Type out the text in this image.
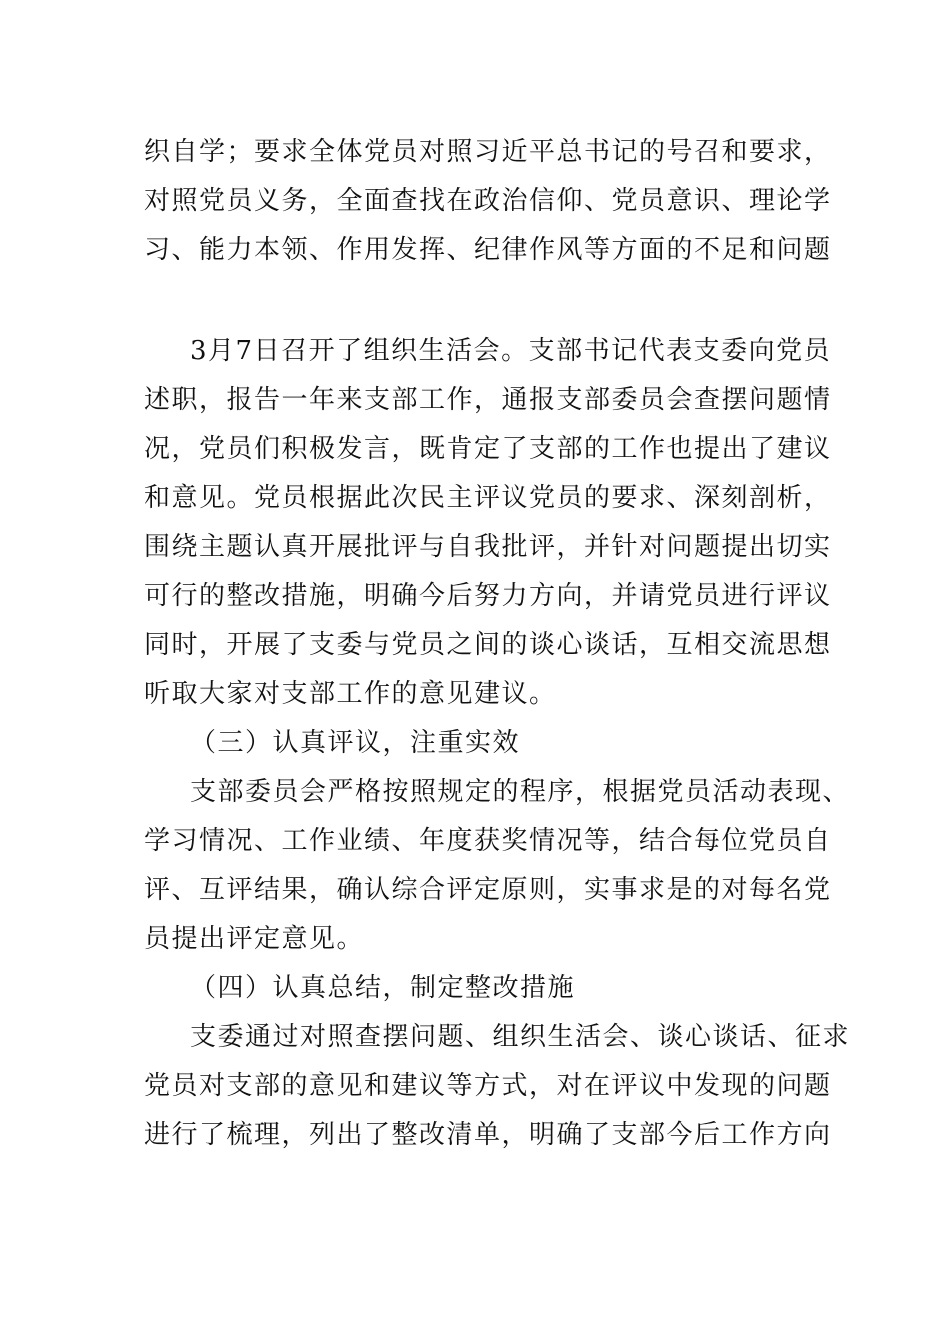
织自学；要求全体党员对照习近平总书记的号召和要求，
对照党员义务，全面查找在政治信仰、党员意识、理论学
习、能力本领、作用发挥、纪律作风等方面的不足和问题
3月7日召开了组织生活会。支部书记代表支委向党员
述职，报告一年来支部工作，通报支部委员会查摆问题情
况，党员们积极发言，既肯定了支部的工作也提出了建议
和意见。党员根据此次民主评议党员的要求、深刻剖析，
围绕主题认真开展批评与自我批评，并针对问题提出切实
可行的整改措施，明确今后努力方向，并请党员进行评议
同时，开展了支委与党员之间的谈心谈话，互相交流思想
听取大家对支部工作的意见建议。
（三）认真评议，注重实效
支部委员会严格按照规定的程序，根据党员活动表现、
学习情况、工作业绩、年度获奖情况等，结合每位党员自
评、互评结果，确认综合评定原则，实事求是的对每名党
员提出评定意见。
（四）认真总结，制定整改措施
支委通过对照查摆问题、组织生活会、谈心谈话、征求
党员对支部的意见和建议等方式，对在评议中发现的问题
进行了梳理，列出了整改清单，明确了支部今后工作方向
